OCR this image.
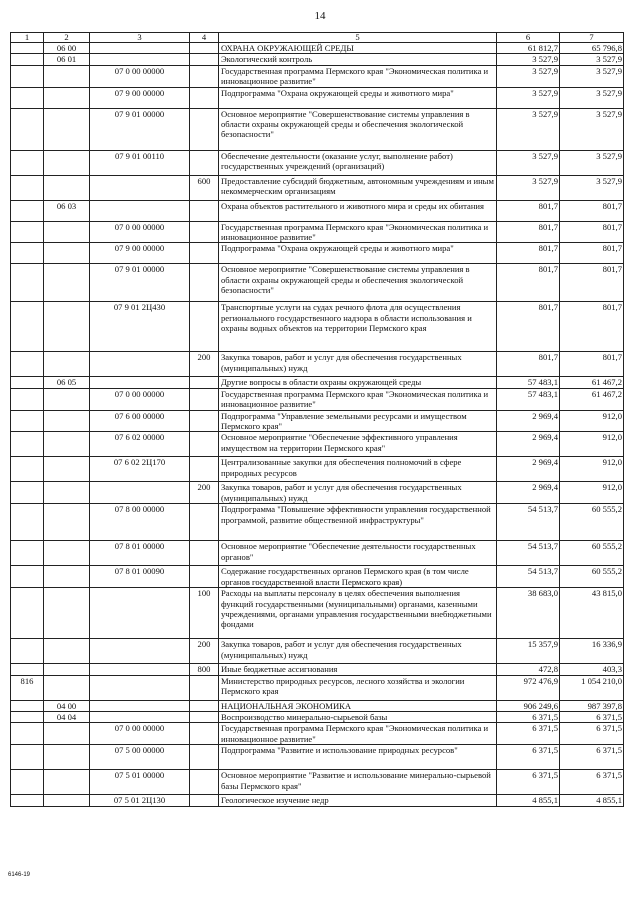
14
1	2	3	4	5	6	7
	06 00			ОХРАНА ОКРУЖАЮЩЕЙ СРЕДЫ	61 812,7	65 796,8
	06 01			Экологический контроль	3 527,9	3 527,9
		07 0 00 00000		Государственная программа Пермского края "Экономическая политика и инновационное развитие"	3 527,9	3 527,9
		07 9 00 00000		Подпрограмма "Охрана окружающей среды и животного мира"	3 527,9	3 527,9
		07 9 01 00000		Основное мероприятие "Совершенствование системы управления в области охраны окружающей среды и обеспечения экологической безопасности"	3 527,9	3 527,9
		07 9 01 00110		Обеспечение деятельности (оказание услуг, выполнение работ) государственных учреждений (организаций)	3 527,9	3 527,9
			600	Предоставление субсидий бюджетным, автономным учреждениям и иным некоммерческим организациям	3 527,9	3 527,9
	06 03			Охрана объектов растительного и животного мира и среды их обитания	801,7	801,7
		07 0 00 00000		Государственная программа Пермского края "Экономическая политика и инновационное развитие"	801,7	801,7
		07 9 00 00000		Подпрограмма "Охрана окружающей среды и животного мира"	801,7	801,7
		07 9 01 00000		Основное мероприятие "Совершенствование системы управления в области охраны окружающей среды и обеспечения экологической безопасности"	801,7	801,7
		07 9 01 2Ц430		Транспортные услуги на судах речного флота для осуществления регионального государственного надзора в области использования и охраны водных объектов на территории Пермского края	801,7	801,7
			200	Закупка товаров, работ и услуг для обеспечения государственных (муниципальных) нужд	801,7	801,7
	06 05			Другие вопросы в области охраны окружающей среды	57 483,1	61 467,2
		07 0 00 00000		Государственная программа Пермского края "Экономическая политика и инновационное развитие"	57 483,1	61 467,2
		07 6 00 00000		Подпрограмма "Управление земельными ресурсами и имуществом Пермского края"	2 969,4	912,0
		07 6 02 00000		Основное мероприятие "Обеспечение эффективного управления имуществом на территории Пермского края"	2 969,4	912,0
		07 6 02 2Ц170		Централизованные закупки для обеспечения полномочий в сфере природных ресурсов	2 969,4	912,0
			200	Закупка товаров, работ и услуг для обеспечения государственных (муниципальных) нужд	2 969,4	912,0
		07 8 00 00000		Подпрограмма "Повышение эффективности управления государственной программой, развитие общественной инфраструктуры"	54 513,7	60 555,2
		07 8 01 00000		Основное мероприятие "Обеспечение деятельности государственных органов"	54 513,7	60 555,2
		07 8 01 00090		Содержание государственных органов Пермского края (в том числе органов государственной власти Пермского края)	54 513,7	60 555,2
			100	Расходы на выплаты персоналу в целях обеспечения выполнения функций государственными (муниципальными) органами, казенными учреждениями, органами управления государственными внебюджетными фондами	38 683,0	43 815,0
			200	Закупка товаров, работ и услуг для обеспечения государственных (муниципальных) нужд	15 357,9	16 336,9
			800	Иные бюджетные ассигнования	472,8	403,3
816				Министерство природных ресурсов, лесного хозяйства и экологии Пермского края	972 476,9	1 054 210,0
	04 00			НАЦИОНАЛЬНАЯ ЭКОНОМИКА	906 249,6	987 397,8
	04 04			Воспроизводство минерально-сырьевой базы	6 371,5	6 371,5
		07 0 00 00000		Государственная программа Пермского края "Экономическая политика и инновационное развитие"	6 371,5	6 371,5
		07 5 00 00000		Подпрограмма "Развитие и использование природных ресурсов"	6 371,5	6 371,5
		07 5 01 00000		Основное мероприятие "Развитие и использование минерально-сырьевой базы Пермского края"	6 371,5	6 371,5
		07 5 01 2Ц130		Геологическое изучение недр	4 855,1	4 855,1
6146-19
